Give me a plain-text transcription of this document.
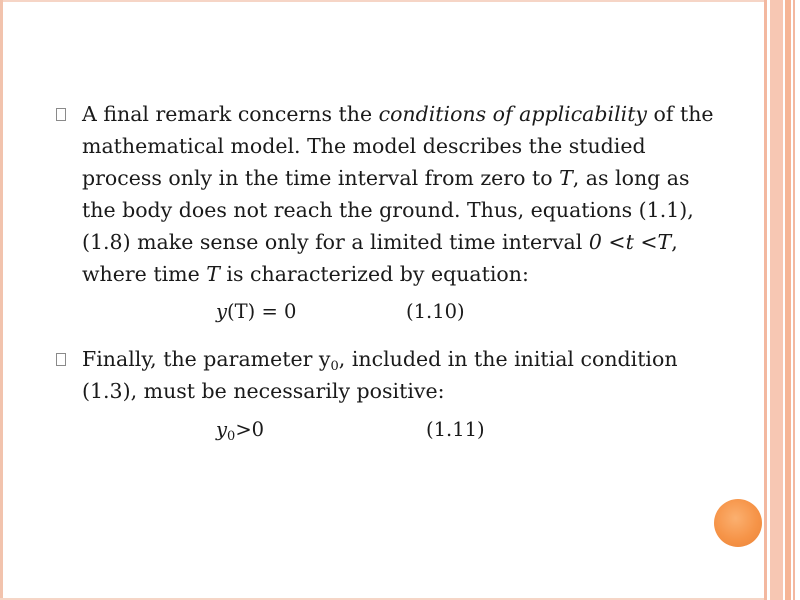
A final remark concerns the conditions of applicability of the mathematical model. The model describes the studied process only in the time interval from zero to T, as long as the body does not reach the ground. Thus, equations (1.1), (1.8) make sense only for a limited time interval 0 <t <T, where time T is characterized by equation:

y(T) = 0	(1.10)

Finally, the parameter $y_0$, included in the initial condition (1.3), must be necessarily positive:

$y_0>0$	(1.11)
